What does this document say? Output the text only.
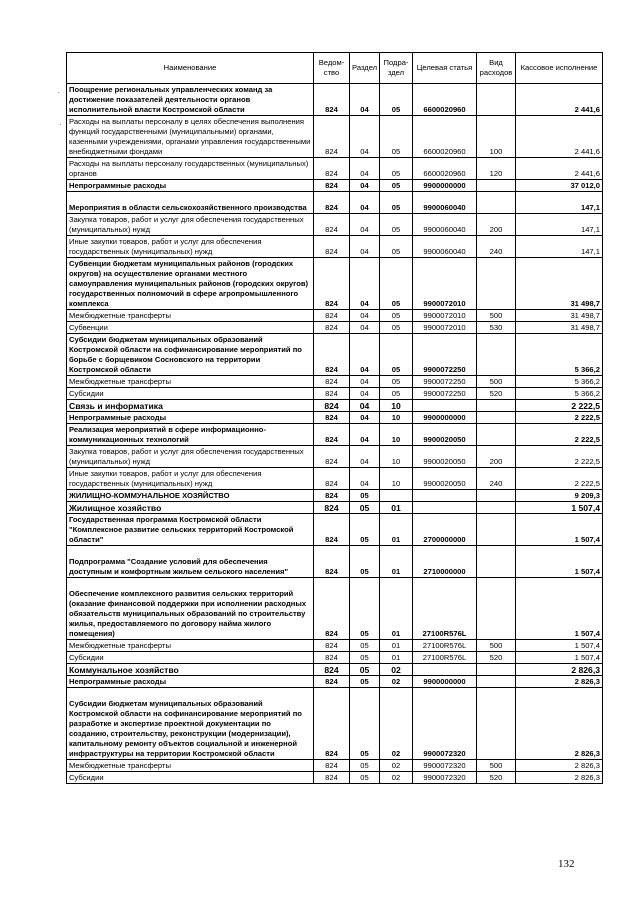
Наименование	Ведом-ство	Раздел	Подра-здел	Целевая статья	Вид расходов	Кассовое исполнение
Поощрение региональных управленческих команд за достижение показателей деятельности органов исполнительной власти Костромской области	824	04	05	6600020960		2 441,6
Расходы на выплаты персоналу в целях обеспечения выполнения функций государственными (муниципальными) органами, казенными учреждениями, органами управления государственными внебюджетными фондами	824	04	05	6600020960	100	2 441,6
Расходы на выплаты персоналу государственных (муниципальных) органов	824	04	05	6600020960	120	2 441,6
Непрограммные расходы	824	04	05	9900000000		37 012,0
Мероприятия в области сельскохозяйственного производства	824	04	05	9900060040		147,1
Закупка товаров, работ и услуг для обеспечения государственных (муниципальных) нужд	824	04	05	9900060040	200	147,1
Иные закупки товаров, работ и услуг для обеспечения государственных (муниципальных) нужд	824	04	05	9900060040	240	147,1
Субвенции бюджетам муниципальных районов (городских округов) на осуществление органами местного самоуправления муниципальных районов (городских округов) государственных полномочий в сфере агропромышленного комплекса	824	04	05	9900072010		31 498,7
Межбюджетные трансферты	824	04	05	9900072010	500	31 498,7
Субвенции	824	04	05	9900072010	530	31 498,7
Субсидии бюджетам муниципальных образований Костромской области на софинансирование мероприятий по борьбе с борщевиком Сосновского на территории Костромской области	824	04	05	9900072250		5 366,2
Межбюджетные трансферты	824	04	05	9900072250	500	5 366,2
Субсидии	824	04	05	9900072250	520	5 366,2
Связь и информатика	824	04	10			2 222,5
Непрограммные расходы	824	04	10	9900000000		2 222,5
Реализация мероприятий в сфере информационно-коммуникационных технологий	824	04	10	9900020050		2 222,5
Закупка товаров, работ и услуг для обеспечения государственных (муниципальных) нужд	824	04	10	9900020050	200	2 222,5
Иные закупки товаров, работ и услуг для обеспечения государственных (муниципальных) нужд	824	04	10	9900020050	240	2 222,5
ЖИЛИЩНО-КОММУНАЛЬНОЕ ХОЗЯЙСТВО	824	05				9 209,3
Жилищное хозяйство	824	05	01			1 507,4
Государственная программа Костромской области "Комплексное развитие сельских территорий Костромской области"	824	05	01	2700000000		1 507,4
Подпрограмма "Создание условий для обеспечения доступным и комфортным жильем сельского населения"	824	05	01	2710000000		1 507,4
Обеспечение комплексного развития сельских территорий (оказание финансовой поддержки при исполнении расходных обязательств муниципальных образований по строительству жилья, предоставляемого по договору найма жилого помещения)	824	05	01	27100R576L		1 507,4
Межбюджетные трансферты	824	05	01	27100R576L	500	1 507,4
Субсидии	824	05	01	27100R576L	520	1 507,4
Коммунальное хозяйство	824	05	02			2 826,3
Непрограммные расходы	824	05	02	9900000000		2 826,3
Субсидии бюджетам муниципальных образований Костромской области на софинансирование мероприятий по разработке и экспертизе проектной документации по созданию, строительству, реконструкции (модернизации), капитальному ремонту объектов социальной и инженерной инфраструктуры на территории Костромской области	824	05	02	9900072320		2 826,3
Межбюджетные трансферты	824	05	02	9900072320	500	2 826,3
Субсидии	824	05	02	9900072320	520	2 826,3
132
